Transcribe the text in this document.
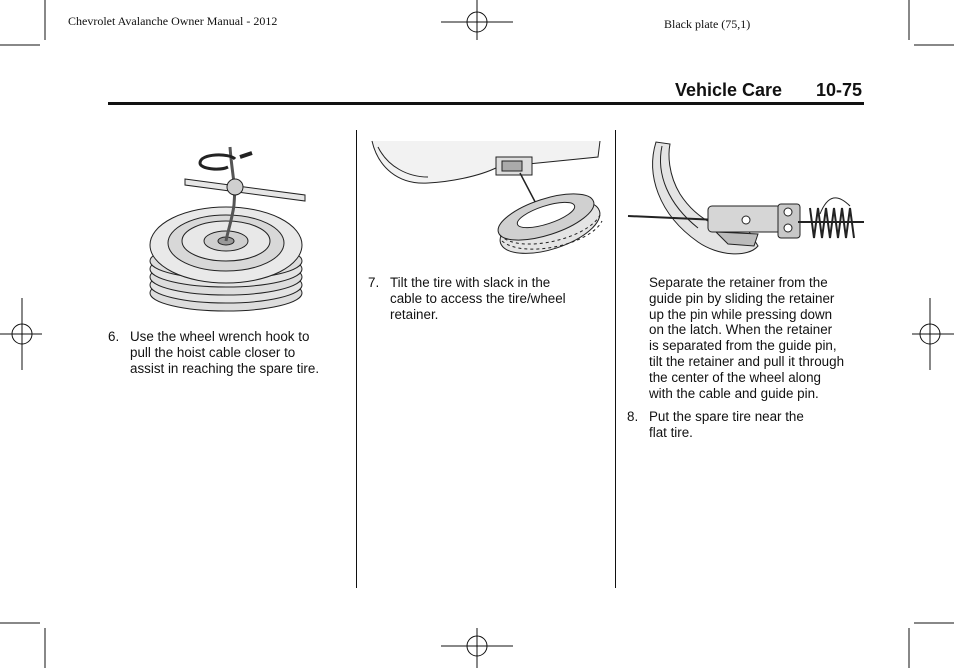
Chevrolet Avalanche Owner Manual - 2012	Black plate (75,1)
Vehicle Care 10-75
6. Use the wheel wrench hook to
pull the hoist cable closer to
assist in reaching the spare tire.
7. Tilt the tire with slack in the
cable to access the tire/wheel
retainer.
Separate the retainer from the
guide pin by sliding the retainer
up the pin while pressing down
on the latch. When the retainer
is separated from the guide pin,
tilt the retainer and pull it through
the center of the wheel along
with the cable and guide pin.
8. Put the spare tire near the
flat tire.
